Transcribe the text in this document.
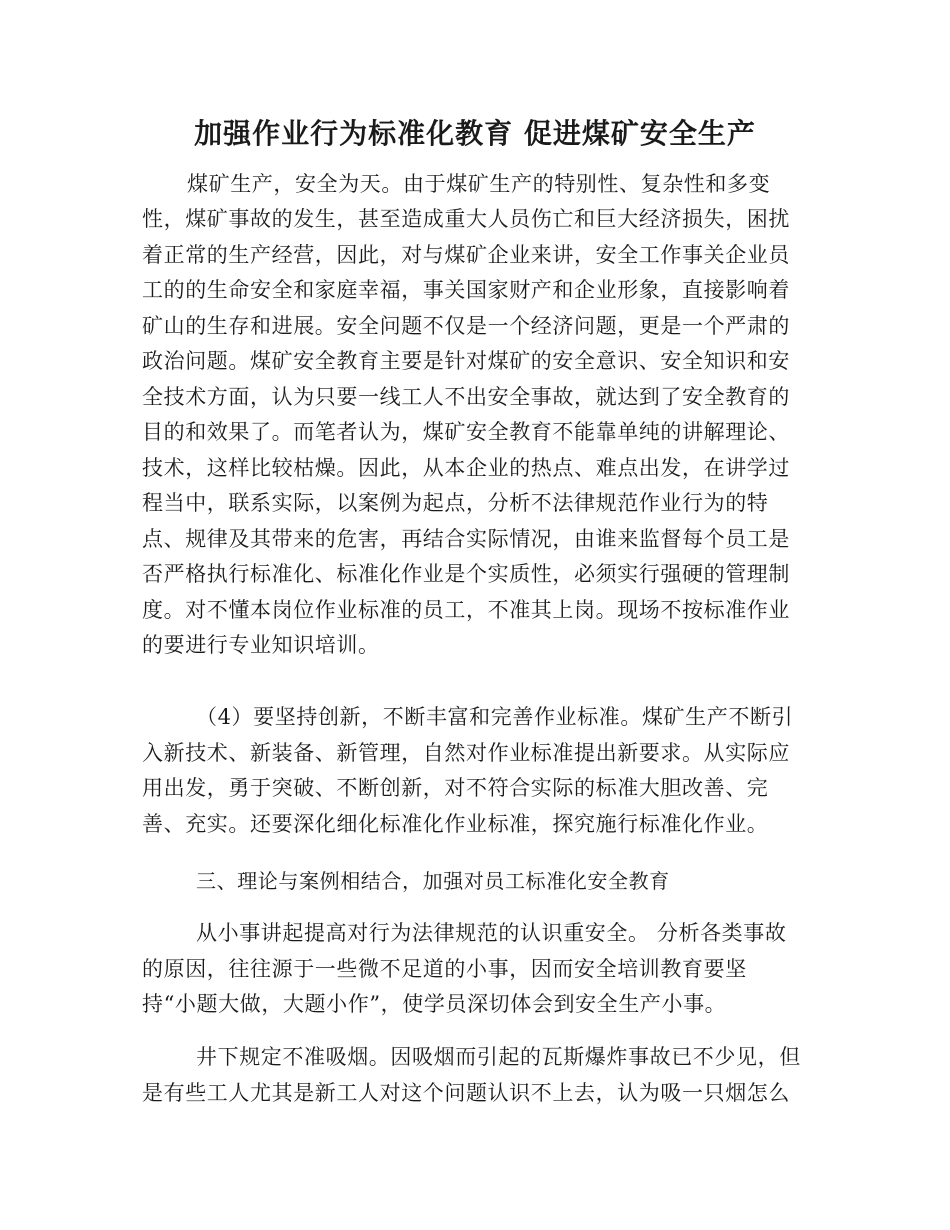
加强作业行为标准化教育 促进煤矿安全生产
煤矿生产，安全为天。由于煤矿生产的特别性、复杂性和多变
性，煤矿事故的发生，甚至造成重大人员伤亡和巨大经济损失，困扰
着正常的生产经营，因此，对与煤矿企业来讲，安全工作事关企业员
工的的生命安全和家庭幸福，事关国家财产和企业形象，直接影响着
矿山的生存和进展。安全问题不仅是一个经济问题，更是一个严肃的
政治问题。煤矿安全教育主要是针对煤矿的安全意识、安全知识和安
全技术方面，认为只要一线工人不出安全事故，就达到了安全教育的
目的和效果了。而笔者认为，煤矿安全教育不能靠单纯的讲解理论、
技术，这样比较枯燥。因此，从本企业的热点、难点出发，在讲学过
程当中，联系实际，以案例为起点，分析不法律规范作业行为的特
点、规律及其带来的危害，再结合实际情况，由谁来监督每个员工是
否严格执行标准化、标准化作业是个实质性，必须实行强硬的管理制
度。对不懂本岗位作业标准的员工，不准其上岗。现场不按标准作业
的要进行专业知识培训。
（4）要坚持创新，不断丰富和完善作业标准。煤矿生产不断引
入新技术、新装备、新管理，自然对作业标准提出新要求。从实际应
用出发，勇于突破、不断创新，对不符合实际的标准大胆改善、完
善、充实。还要深化细化标准化作业标准，探究施行标准化作业。
三、理论与案例相结合，加强对员工标准化安全教育
从小事讲起提高对行为法律规范的认识重安全。 分析各类事故
的原因，往往源于一些微不足道的小事，因而安全培训教育要坚
持“小题大做，大题小作”，使学员深切体会到安全生产小事。
井下规定不准吸烟。因吸烟而引起的瓦斯爆炸事故已不少见，但
是有些工人尤其是新工人对这个问题认识不上去，认为吸一只烟怎么
